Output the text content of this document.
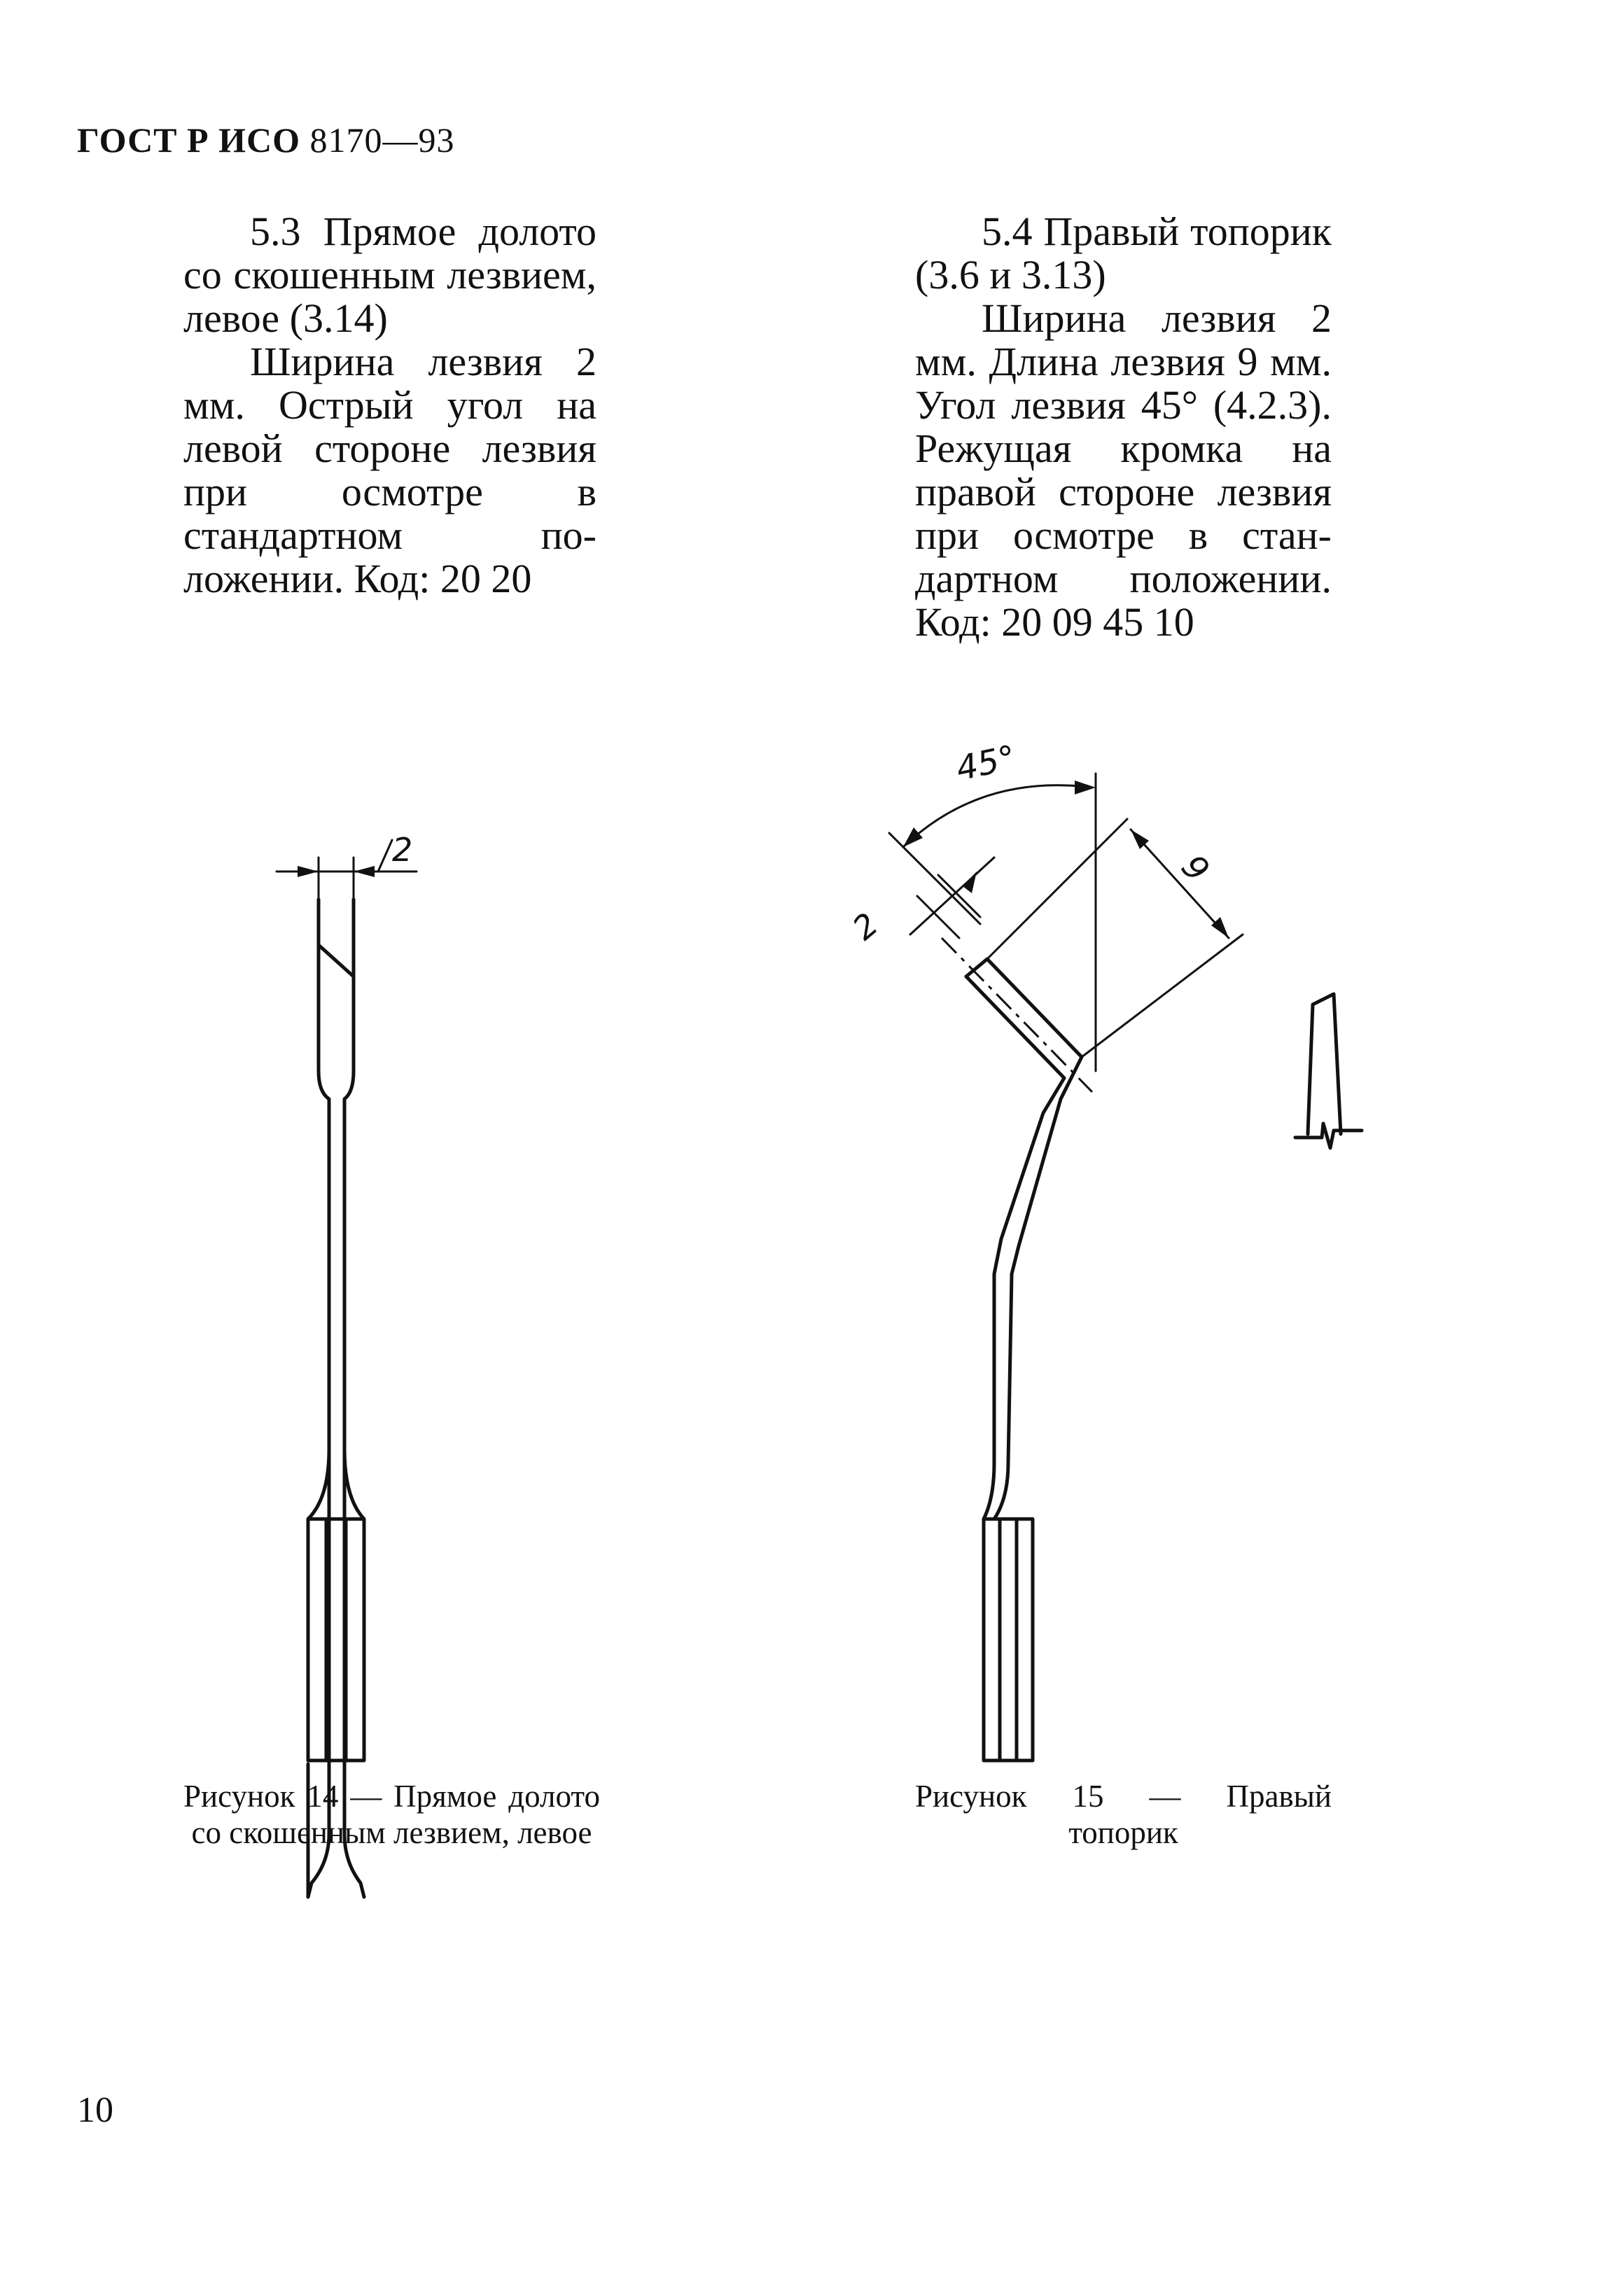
ГОСТ Р ИСО 8170—93

5.3 Прямое долото со скошенным лезвием, левое (3.14)

Ширина лезвия 2 мм. Острый угол на левой стороне лезвия при осмотре в стандартном положении. Код: 20 20

5.4 Правый топорик (3.6 и 3.13)

Ширина лезвия 2 мм. Длина лезвия 9 мм. Угол лезвия 45° (4.2.3). Режущая кромка на правой стороне лезвия при осмотре в стандартном положении. Код: 20 09 45 10

2
45°
2
9
Рисунок 14 — Прямое долото со скошенным лезвием, левое
Рисунок 15 — Правый топорик
10
